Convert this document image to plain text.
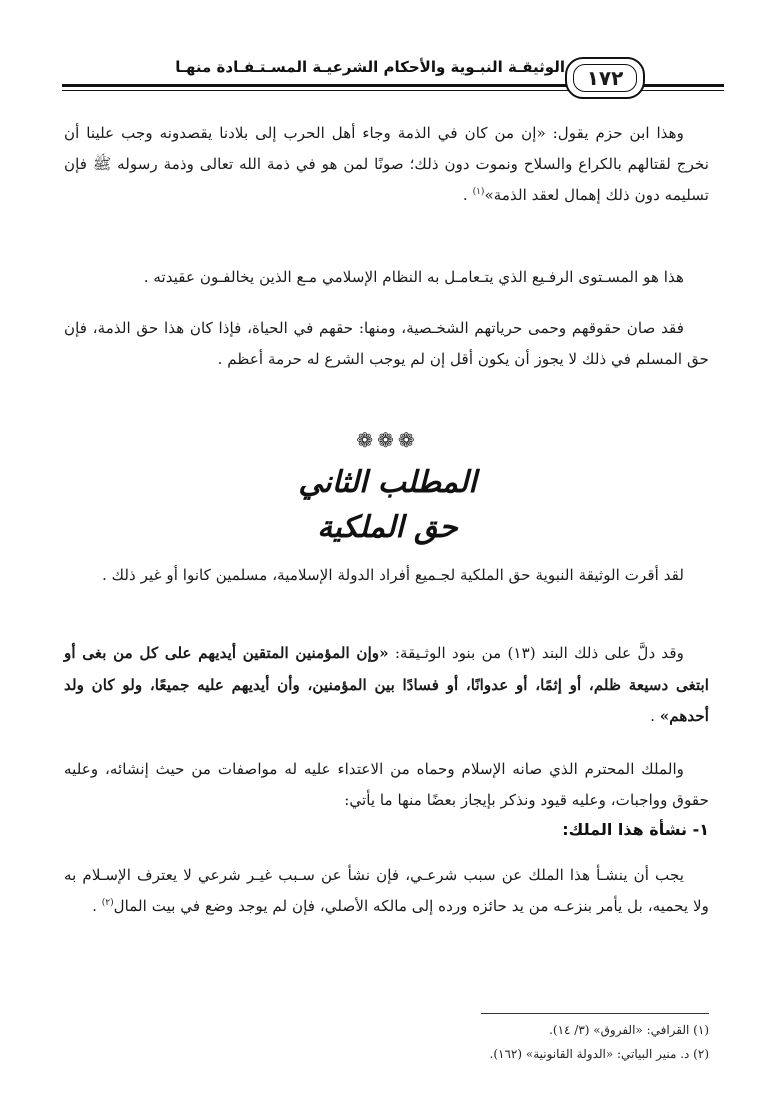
الوثيقـة النبـوية والأحكام الشرعيـة المسـتـفـادة منهـا	١٧٢
وهذا ابن حزم يقول: «إن من كان في الذمة وجاء أهل الحرب إلى بلادنا يقصدونه وجب علينا أن نخرج لقتالهم بالكراع والسلاح ونموت دون ذلك؛ صونًا لمن هو في ذمة الله تعالى وذمة رسوله ﷺ فإن تسليمه دون ذلك إهمال لعقد الذمة»$^{(١)}$ .
هذا هو المسـتوى الرفـيع الذي يتـعامـل به النظام الإسلامي مـع الذين يخالفـون عقيدته .
فقد صان حقوقهم وحمى حرياتهم الشخـصية، ومنها: حقهم في الحياة، فإذا كان هذا حق الذمة، فإن حق المسلم في ذلك لا يجوز أن يكون أقل إن لم يوجب الشرع له حرمة أعظم .
❁❁❁
المطلب الثاني
حق الملكية
لقد أقرت الوثيقة النبوية حق الملكية لجـميع أفراد الدولة الإسلامية، مسلمين كانوا أو غير ذلك .
وقد دلَّ على ذلك البند (١٣) من بنود الوثـيقة: «وإن المؤمنين المتقين أيديهم على كل من بغى أو ابتغى دسيعة ظلم، أو إثمًا، أو عدوانًا، أو فسادًا بين المؤمنين، وأن أيديهم عليه جميعًا، ولو كان ولد أحدهم» .
والملك المحترم الذي صانه الإسلام وحماه من الاعتداء عليه له مواصفات من حيث إنشائه، وعليه حقوق وواجبات، وعليه قيود ونذكر بإيجاز بعضًا منها ما يأتي:
١- نشأة هذا الملك:
يجب أن ينشـأ هذا الملك عن سبب شرعـي، فإن نشأ عن سـبب غيـر شرعي لا يعترف الإسـلام به ولا يحميه، بل يأمر بنزعـه من يد حائزه ورده إلى مالكه الأصلي، فإن لم يوجد وضع في بيت المال$^{(٢)}$ .
(١) القرافي: «الفروق» (٣/ ١٤).
(٢) د. منير البياتي: «الدولة القانونية» (١٦٢).
